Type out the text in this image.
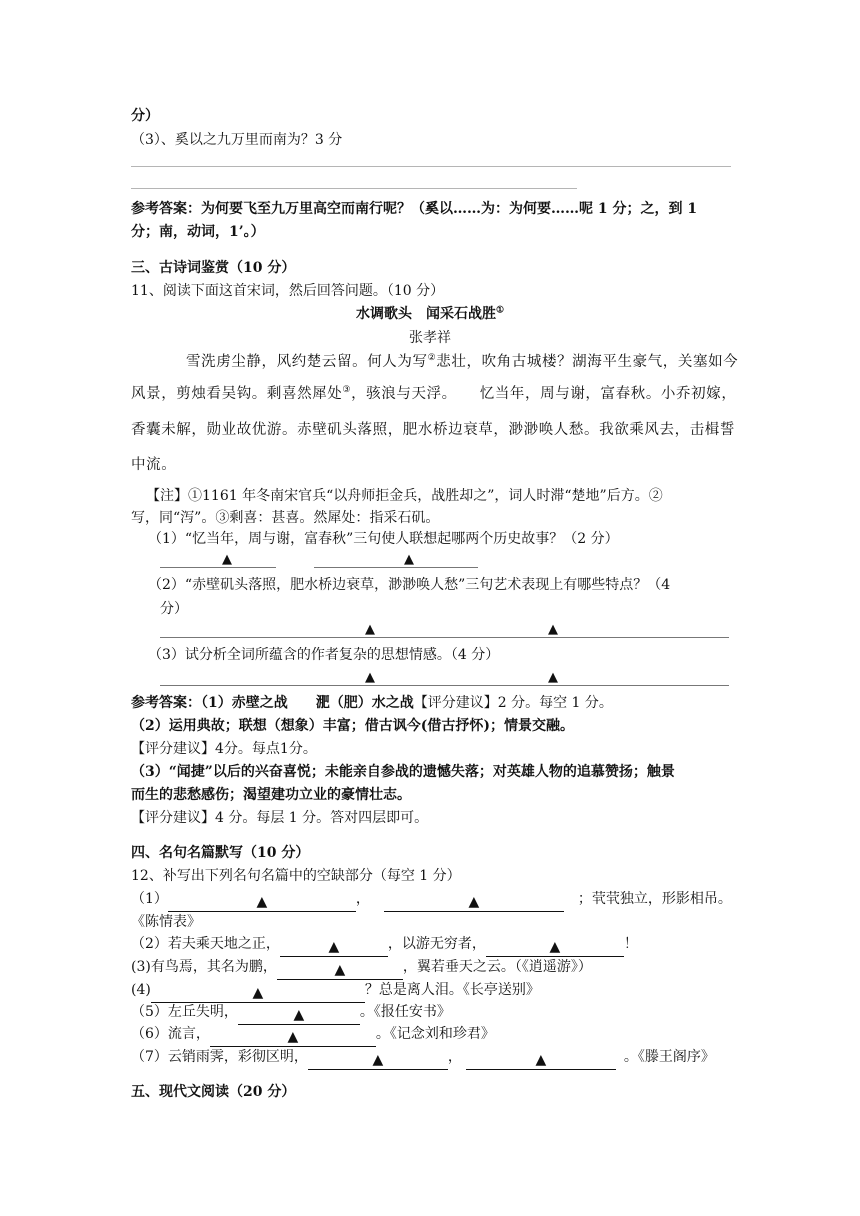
分）
（3）、奚以之九万里而南为？3 分
参考答案：为何要飞至九万里高空而南行呢？（奚以……为：为何要……呢 1 分；之，到 1
分；南，动词，1’。）
三、古诗词鉴赏（10 分）
11、阅读下面这首宋词，然后回答问题。（10 分）
水调歌头　闻采石战胜①
张孝祥
雪洗虏尘静，风约楚云留。何人为写②悲壮，吹角古城楼？湖海平生豪气，关塞如今
风景，剪烛看吴钩。剩喜然犀处③，骇浪与天浮。　　忆当年，周与谢，富春秋。小乔初嫁，
香囊未解，勋业故优游。赤壁矶头落照，肥水桥边衰草，渺渺唤人愁。我欲乘风去，击楫誓
中流。
【注】①1161 年冬南宋官兵“以舟师拒金兵，战胜却之”，词人时滞“楚地”后方。②
写，同“泻”。③剩喜：甚喜。然犀处：指采石矶。
（1）“忆当年，周与谢，富春秋”三句使人联想起哪两个历史故事？（2 分）
▲	▲
（2）“赤壁矶头落照，肥水桥边衰草，渺渺唤人愁”三句艺术表现上有哪些特点？（4
分）
▲	▲
（3）试分析全词所蕴含的作者复杂的思想情感。（4 分）
▲	▲
参考答案：（1）赤壁之战　　淝（肥）水之战【评分建议】2 分。每空 1 分。
（2）运用典故；联想（想象）丰富；借古讽今(借古抒怀)；情景交融。
【评分建议】4分。每点1分。
（3）“闻捷”以后的兴奋喜悦；未能亲自参战的遗憾失落；对英雄人物的追慕赞扬；触景
而生的悲愁感伤；渴望建功立业的豪情壮志。
【评分建议】4 分。每层 1 分。答对四层即可。
四、名句名篇默写（10 分）
12、补写出下列名句名篇中的空缺部分（每空 1 分）
（1）	▲	，	▲	；茕茕独立，形影相吊。
《陈情表》
（2）若夫乘天地之正，	▲	，以游无穷者，	▲	！
(3)有鸟焉，其名为鹏，	▲	，翼若垂天之云。（《逍遥游》）
(4)	▲	？总是离人泪。《长亭送别》
（5）左丘失明，	▲	。《报任安书》
（6）流言，	▲	。《记念刘和珍君》
（7）云销雨霁，彩彻区明，	▲	，	▲	。《滕王阁序》
五、现代文阅读（20 分）
